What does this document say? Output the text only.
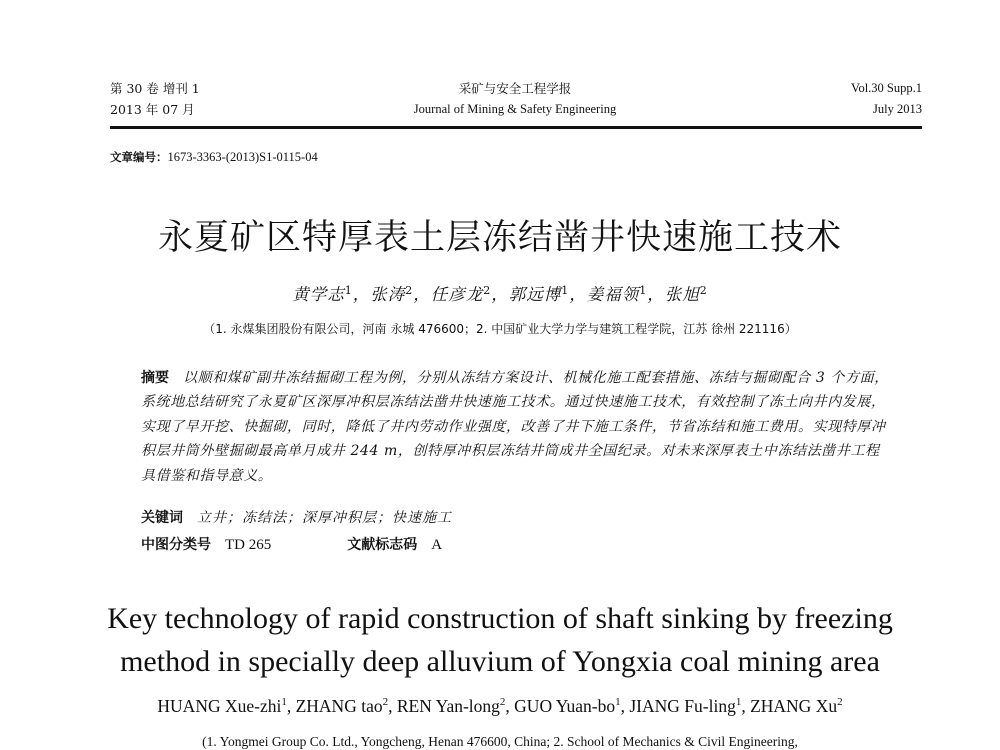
第 30 卷 增刊 1
2013 年 07 月
采矿与安全工程学报
Journal of Mining & Safety Engineering
Vol.30 Supp.1
July 2013
文章编号：1673-3363-(2013)S1-0115-04
永夏矿区特厚表土层冻结凿井快速施工技术
黄学志$^1$，张涛$^2$，任彦龙$^2$，郭远博$^1$，姜福领$^1$，张旭$^2$
（1. 永煤集团股份有限公司，河南 永城 476600；2. 中国矿业大学力学与建筑工程学院，江苏 徐州 221116）
摘要 以顺和煤矿副井冻结掘砌工程为例，分别从冻结方案设计、机械化施工配套措施、冻结与掘砌配合 3 个方面，系统地总结研究了永夏矿区深厚冲积层冻结法凿井快速施工技术。通过快速施工技术，有效控制了冻土向井内发展，实现了早开挖、快掘砌，同时，降低了井内劳动作业强度，改善了井下施工条件，节省冻结和施工费用。实现特厚冲积层井筒外壁掘砌最高单月成井 244 m，创特厚冲积层冻结井筒成井全国纪录。对未来深厚表土中冻结法凿井工程具借鉴和指导意义。
关键词 立井；冻结法；深厚冲积层；快速施工
中图分类号 TD 265	文献标志码 A
Key technology of rapid construction of shaft sinking by freezing
method in specially deep alluvium of Yongxia coal mining area
HUANG Xue-zhi$^1$, ZHANG tao$^2$, REN Yan-long$^2$, GUO Yuan-$bo^1$, JIANG Fu-ling$^1$, ZHANG Xu$^2$
(1. Yongmei Group Co. Ltd., Yongcheng, Henan 476600, China; 2. School of Mechanics & Civil Engineering,
